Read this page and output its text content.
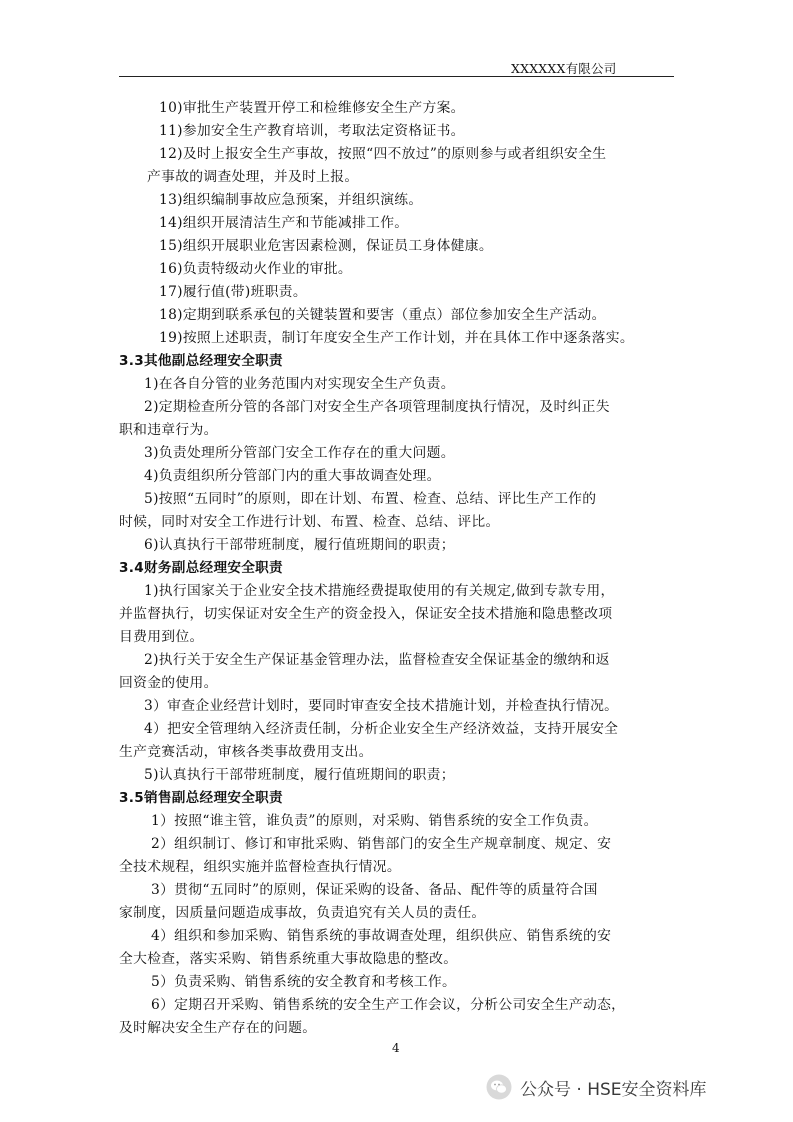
XXXXXX有限公司
10)审批生产装置开停工和检维修安全生产方案。
11)参加安全生产教育培训，考取法定资格证书。
12)及时上报安全生产事故，按照“四不放过”的原则参与或者组织安全生
产事故的调查处理，并及时上报。
13)组织编制事故应急预案，并组织演练。
14)组织开展清洁生产和节能减排工作。
15)组织开展职业危害因素检测，保证员工身体健康。
16)负责特级动火作业的审批。
17)履行值(带)班职责。
18)定期到联系承包的关键装置和要害（重点）部位参加安全生产活动。
19)按照上述职责，制订年度安全生产工作计划，并在具体工作中逐条落实。
3.3其他副总经理安全职责
1)在各自分管的业务范围内对实现安全生产负责。
2)定期检查所分管的各部门对安全生产各项管理制度执行情况，及时纠正失
职和违章行为。
3)负责处理所分管部门安全工作存在的重大问题。
4)负责组织所分管部门内的重大事故调查处理。
5)按照“五同时”的原则，即在计划、布置、检查、总结、评比生产工作的
时候，同时对安全工作进行计划、布置、检查、总结、评比。
6)认真执行干部带班制度，履行值班期间的职责；
3.4财务副总经理安全职责
1)执行国家关于企业安全技术措施经费提取使用的有关规定,做到专款专用，
并监督执行，切实保证对安全生产的资金投入，保证安全技术措施和隐患整改项
目费用到位。
2)执行关于安全生产保证基金管理办法，监督检查安全保证基金的缴纳和返
回资金的使用。
3）审查企业经营计划时，要同时审查安全技术措施计划，并检查执行情况。
4）把安全管理纳入经济责任制，分析企业安全生产经济效益，支持开展安全
生产竞赛活动，审核各类事故费用支出。
5)认真执行干部带班制度，履行值班期间的职责；
3.5销售副总经理安全职责
1）按照“谁主管，谁负责”的原则，对采购、销售系统的安全工作负责。
2）组织制订、修订和审批采购、销售部门的安全生产规章制度、规定、安
全技术规程，组织实施并监督检查执行情况。
3）贯彻“五同时”的原则，保证采购的设备、备品、配件等的质量符合国
家制度，因质量问题造成事故，负责追究有关人员的责任。
4）组织和参加采购、销售系统的事故调查处理，组织供应、销售系统的安
全大检查，落实采购、销售系统重大事故隐患的整改。
5）负责采购、销售系统的安全教育和考核工作。
6）定期召开采购、销售系统的安全生产工作会议，分析公司安全生产动态，
及时解决安全生产存在的问题。
4
公众号 · HSE安全资料库
